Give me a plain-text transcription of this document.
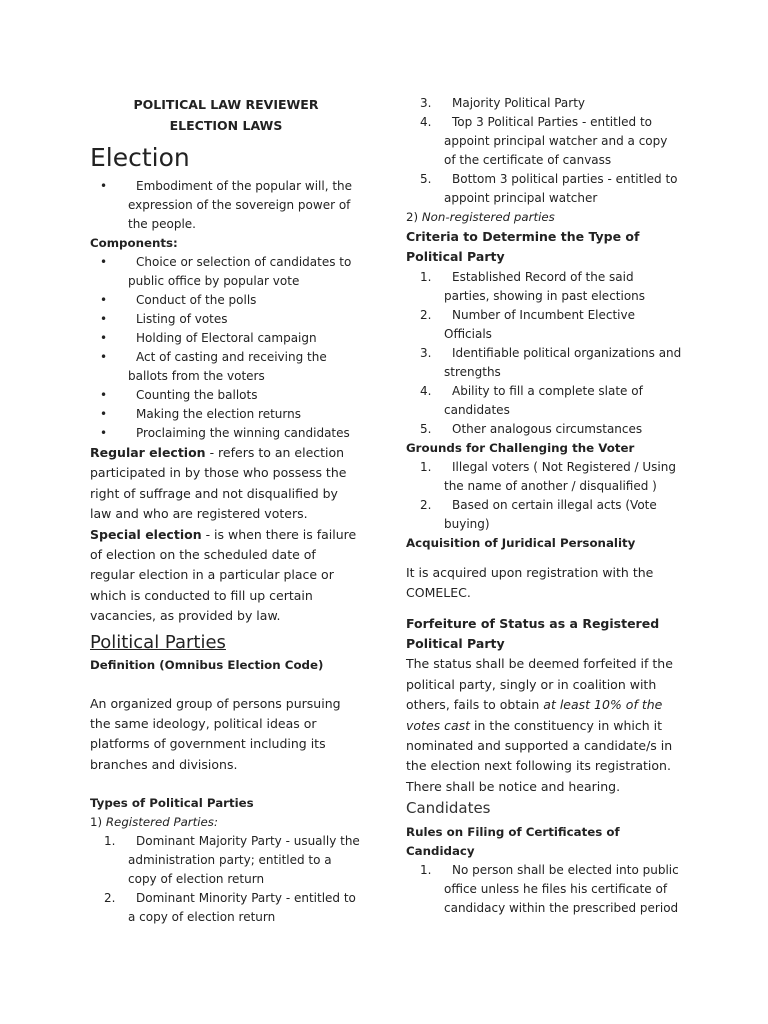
POLITICAL LAW REVIEWER
ELECTION LAWS
Election
• Embodiment of the popular will, the expression of the sovereign power of the people.
Components:
• Choice or selection of candidates to public office by popular vote
• Conduct of the polls
• Listing of votes
• Holding of Electoral campaign
• Act of casting and receiving the ballots from the voters
• Counting the ballots
• Making the election returns
• Proclaiming the winning candidates

Regular election - refers to an election participated in by those who possess the right of suffrage and not disqualified by law and who are registered voters.

Special election - is when there is failure of election on the scheduled date of regular election in a particular place or which is conducted to fill up certain vacancies, as provided by law.

Political Parties
Definition (Omnibus Election Code)

An organized group of persons pursuing the same ideology, political ideas or platforms of government including its branches and divisions.

Types of Political Parties
1) Registered Parties:
1. Dominant Majority Party - usually the administration party; entitled to a copy of election return
2. Dominant Minority Party - entitled to a copy of election return
3. Majority Political Party
4. Top 3 Political Parties - entitled to appoint principal watcher and a copy of the certificate of canvass
5. Bottom 3 political parties - entitled to appoint principal watcher
2) Non-registered parties
Criteria to Determine the Type of Political Party
1. Established Record of the said parties, showing in past elections
2. Number of Incumbent Elective Officials
3. Identifiable political organizations and strengths
4. Ability to fill a complete slate of candidates
5. Other analogous circumstances
Grounds for Challenging the Voter
1. Illegal voters ( Not Registered / Using the name of another / disqualified )
2. Based on certain illegal acts (Vote buying)
Acquisition of Juridical Personality

It is acquired upon registration with the COMELEC.

Forfeiture of Status as a Registered Political Party

The status shall be deemed forfeited if the political party, singly or in coalition with others, fails to obtain at least 10% of the votes cast in the constituency in which it nominated and supported a candidate/s in the election next following its registration. There shall be notice and hearing.

Candidates
Rules on Filing of Certificates of Candidacy
1. No person shall be elected into public office unless he files his certificate of candidacy within the prescribed period
